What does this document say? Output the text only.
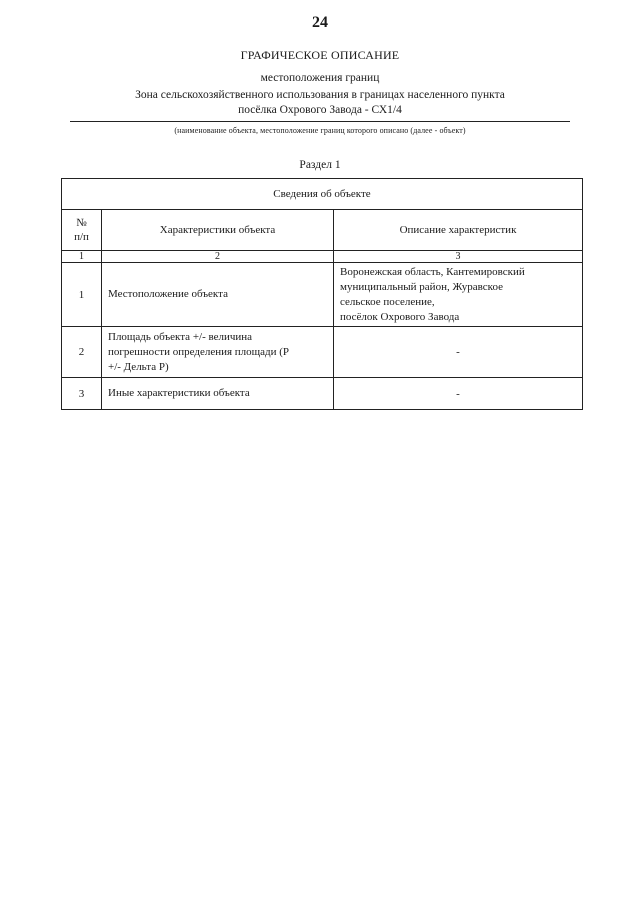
24
ГРАФИЧЕСКОЕ ОПИСАНИЕ
местоположения границ
Зона сельскохозяйственного использования в границах населенного пункта
посёлка Охрового Завода - СХ1/4
(наименование объекта, местоположение границ которого описано (далее - объект)
Раздел 1
Сведения об объекте		

№
п/п	Характеристики объекта	Описание характеристик
1	2	3
1	Местоположение объекта	Воронежская область, Кантемировский
муниципальный район, Журавское
сельское поселение,
посёлок Охрового Завода

2	Площадь объекта +/- величина
погрешности определения площади (Р
+/- Дельта Р)	-
3	Иные характеристики объекта	-
